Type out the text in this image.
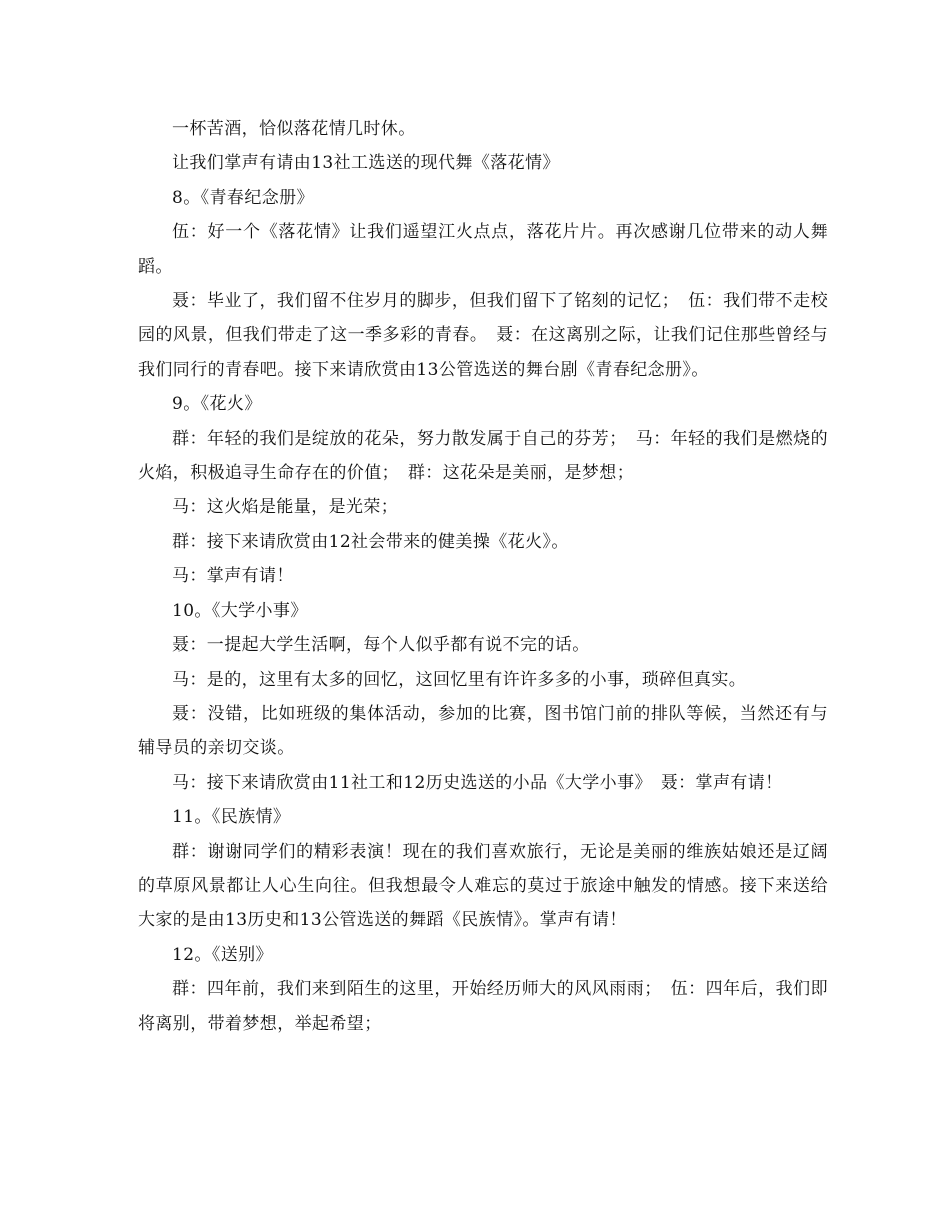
一杯苦酒，恰似落花情几时休。

让我们掌声有请由13社工选送的现代舞《落花情》

8。《青春纪念册》

伍：好一个《落花情》让我们遥望江火点点，落花片片。再次感谢几位带来的动人舞蹈。

聂：毕业了，我们留不住岁月的脚步，但我们留下了铭刻的记忆；　伍：我们带不走校园的风景，但我们带走了这一季多彩的青春。　聂：在这离别之际，让我们记住那些曾经与我们同行的青春吧。接下来请欣赏由13公管选送的舞台剧《青春纪念册》。

9。《花火》

群：年轻的我们是绽放的花朵，努力散发属于自己的芬芳；　马：年轻的我们是燃烧的火焰，积极追寻生命存在的价值；　群：这花朵是美丽，是梦想；

马：这火焰是能量，是光荣；

群：接下来请欣赏由12社会带来的健美操《花火》。

马：掌声有请！

10。《大学小事》

聂：一提起大学生活啊，每个人似乎都有说不完的话。

马：是的，这里有太多的回忆，这回忆里有许许多多的小事，琐碎但真实。

聂：没错，比如班级的集体活动，参加的比赛，图书馆门前的排队等候，当然还有与辅导员的亲切交谈。

马：接下来请欣赏由11社工和12历史选送的小品《大学小事》　聂：掌声有请！

11。《民族情》

群：谢谢同学们的精彩表演！现在的我们喜欢旅行，无论是美丽的维族姑娘还是辽阔的草原风景都让人心生向往。但我想最令人难忘的莫过于旅途中触发的情感。接下来送给大家的是由13历史和13公管选送的舞蹈《民族情》。掌声有请！

12。《送别》

群：四年前，我们来到陌生的这里，开始经历师大的风风雨雨；　伍：四年后，我们即将离别，带着梦想，举起希望；
